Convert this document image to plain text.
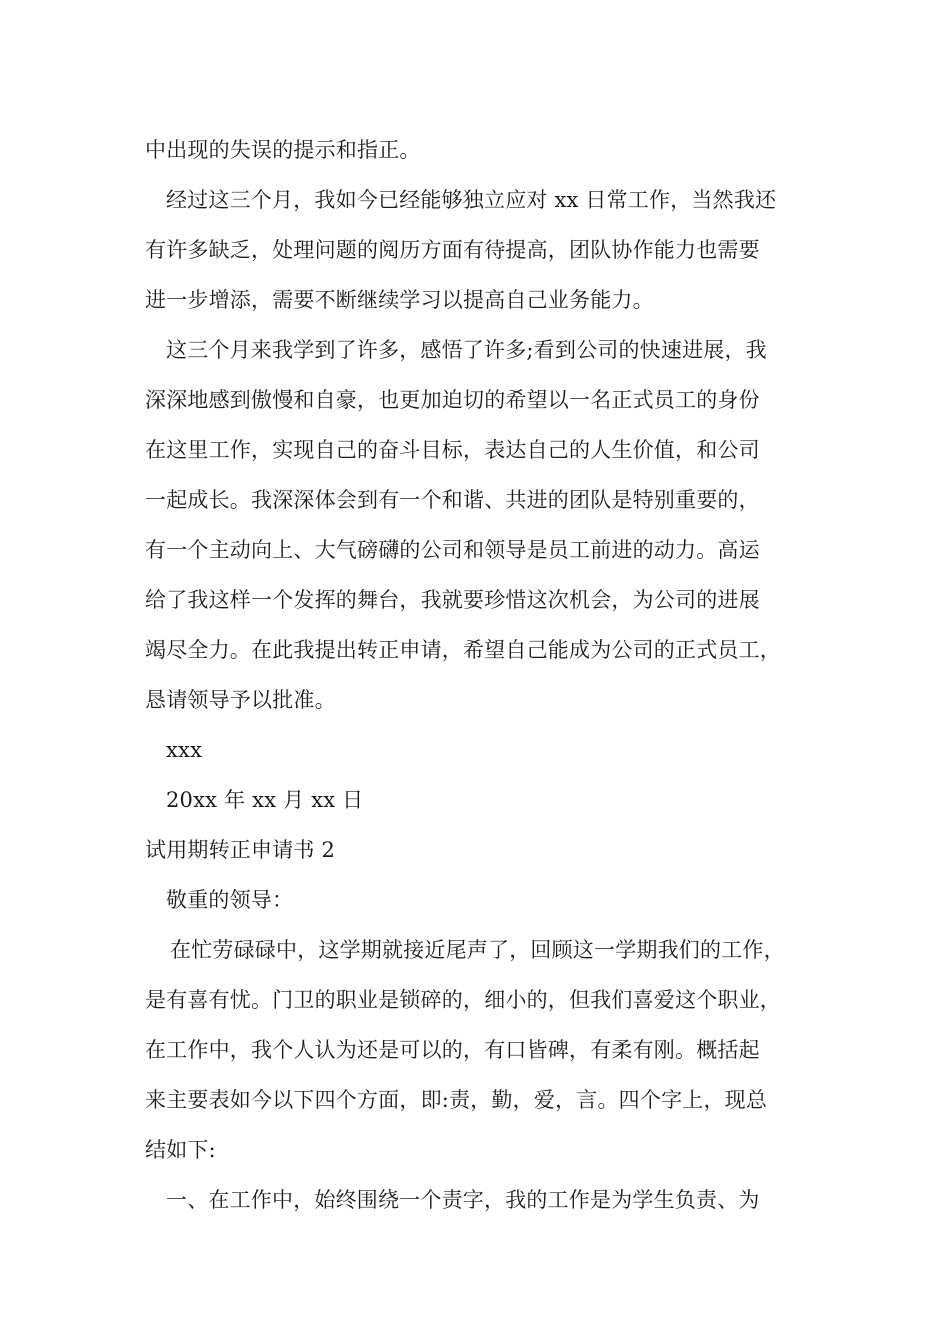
中出现的失误的提示和指正。
经过这三个月，我如今已经能够独立应对 xx 日常工作，当然我还
有许多缺乏，处理问题的阅历方面有待提高，团队协作能力也需要
进一步增添，需要不断继续学习以提高自己业务能力。
这三个月来我学到了许多，感悟了许多;看到公司的快速进展，我
深深地感到傲慢和自豪，也更加迫切的希望以一名正式员工的身份
在这里工作，实现自己的奋斗目标，表达自己的人生价值，和公司
一起成长。我深深体会到有一个和谐、共进的团队是特别重要的，
有一个主动向上、大气磅礴的公司和领导是员工前进的动力。高运
给了我这样一个发挥的舞台，我就要珍惜这次机会，为公司的进展
竭尽全力。在此我提出转正申请，希望自己能成为公司的正式员工，
恳请领导予以批准。
xxx
20xx 年 xx 月 xx 日
试用期转正申请书 2
敬重的领导：
在忙劳碌碌中，这学期就接近尾声了，回顾这一学期我们的工作，
是有喜有忧。门卫的职业是锁碎的，细小的，但我们喜爱这个职业，
在工作中，我个人认为还是可以的，有口皆碑，有柔有刚。概括起
来主要表如今以下四个方面，即:责，勤，爱，言。四个字上，现总
结如下:
一、在工作中，始终围绕一个责字，我的工作是为学生负责、为
